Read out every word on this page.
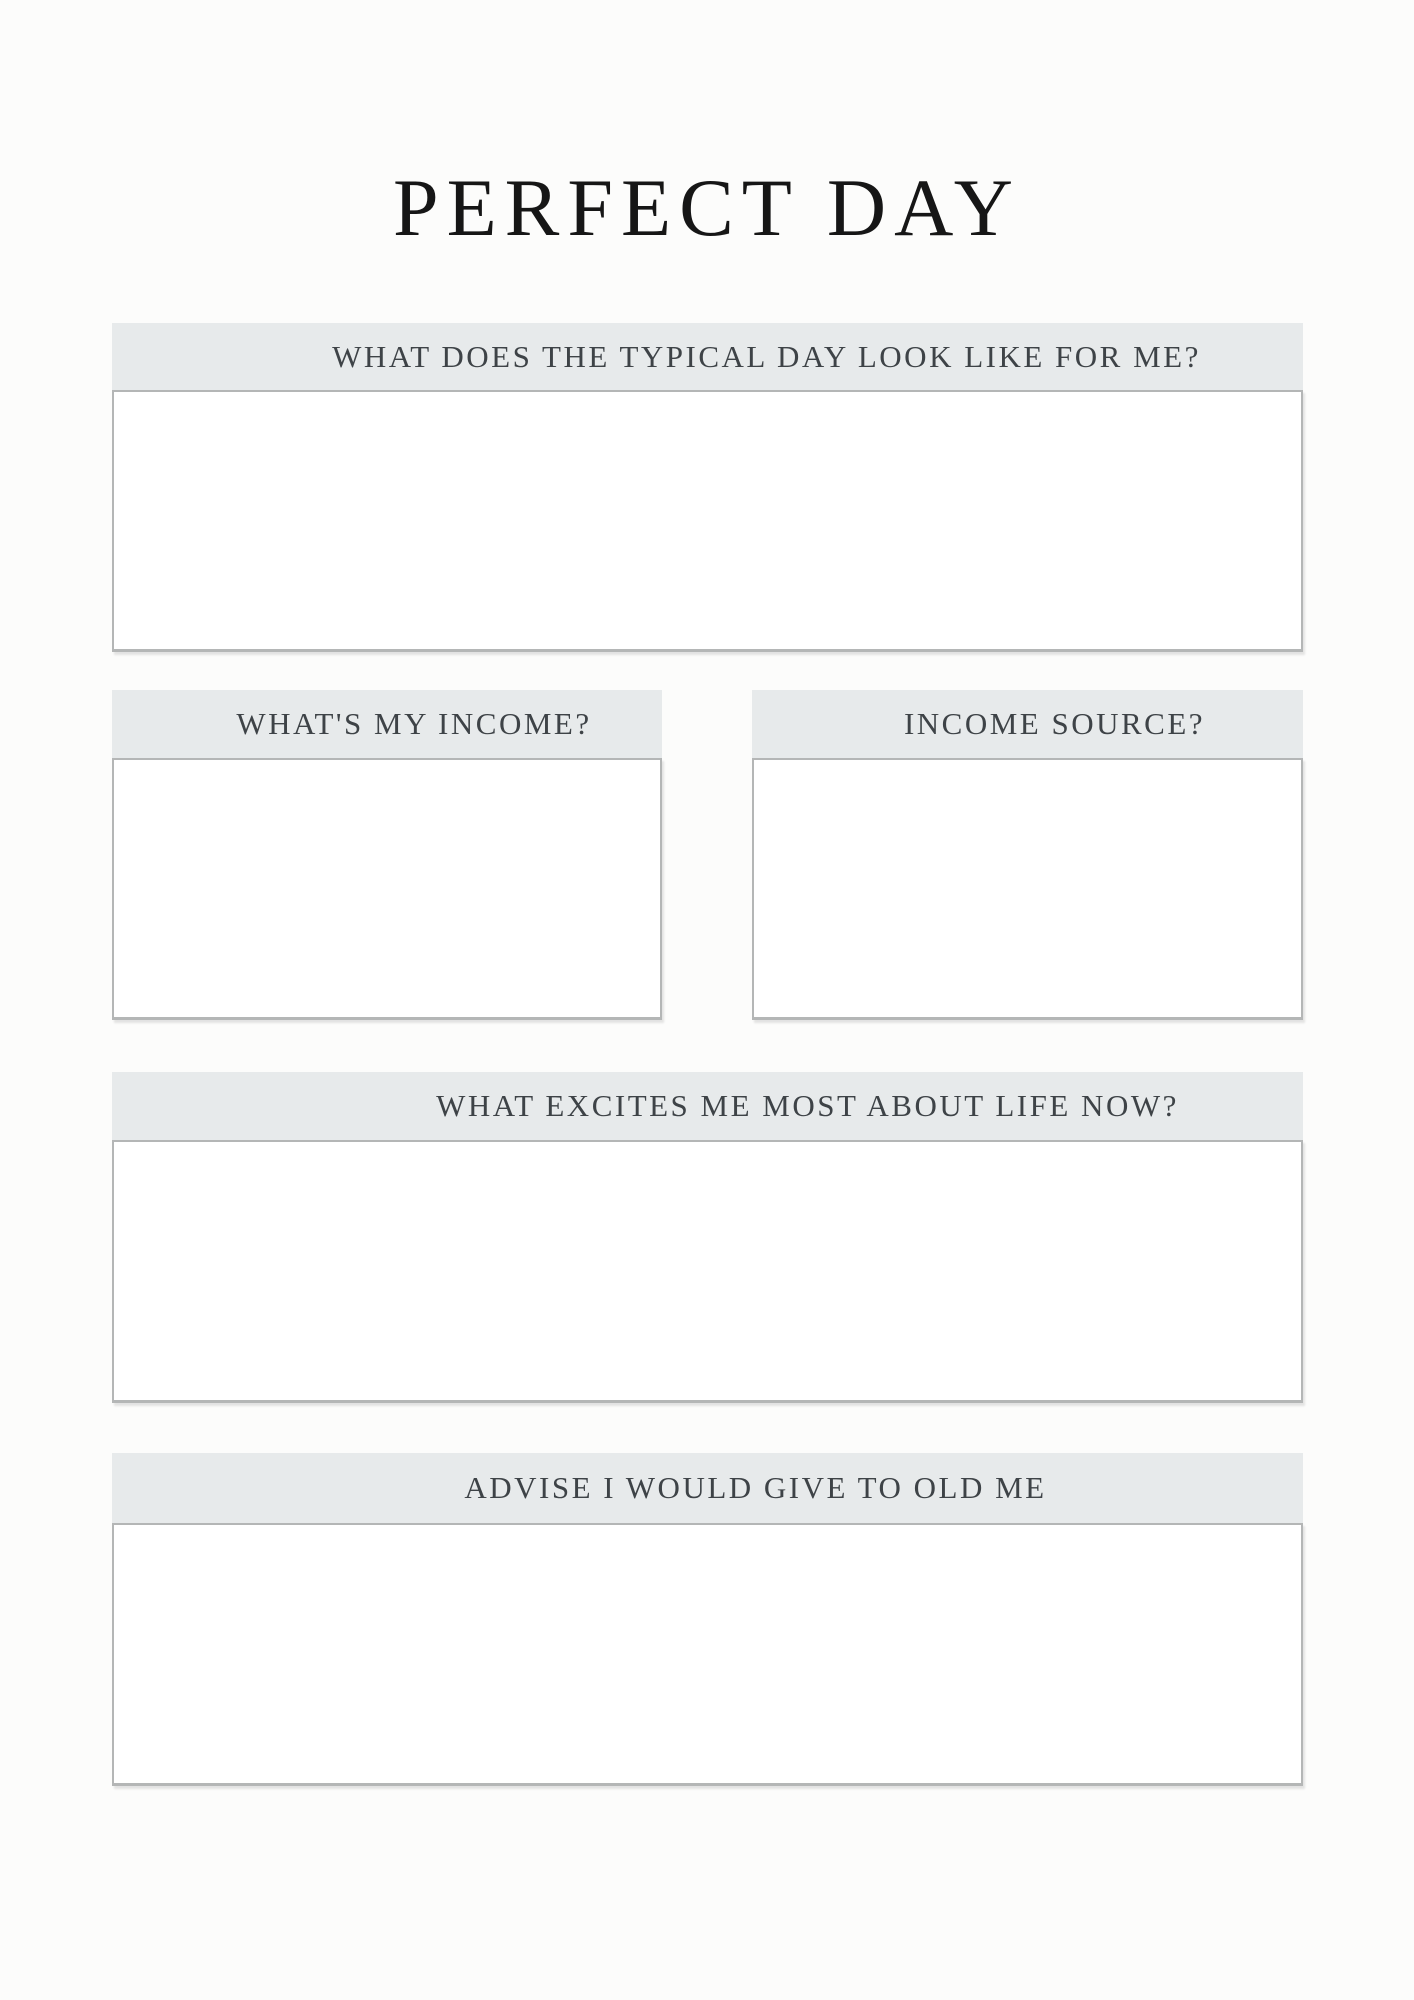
PERFECT DAY
WHAT DOES THE TYPICAL DAY LOOK LIKE FOR ME?
WHAT'S MY INCOME?	INCOME SOURCE?
WHAT EXCITES ME MOST ABOUT LIFE NOW?
ADVISE I WOULD GIVE TO OLD ME
